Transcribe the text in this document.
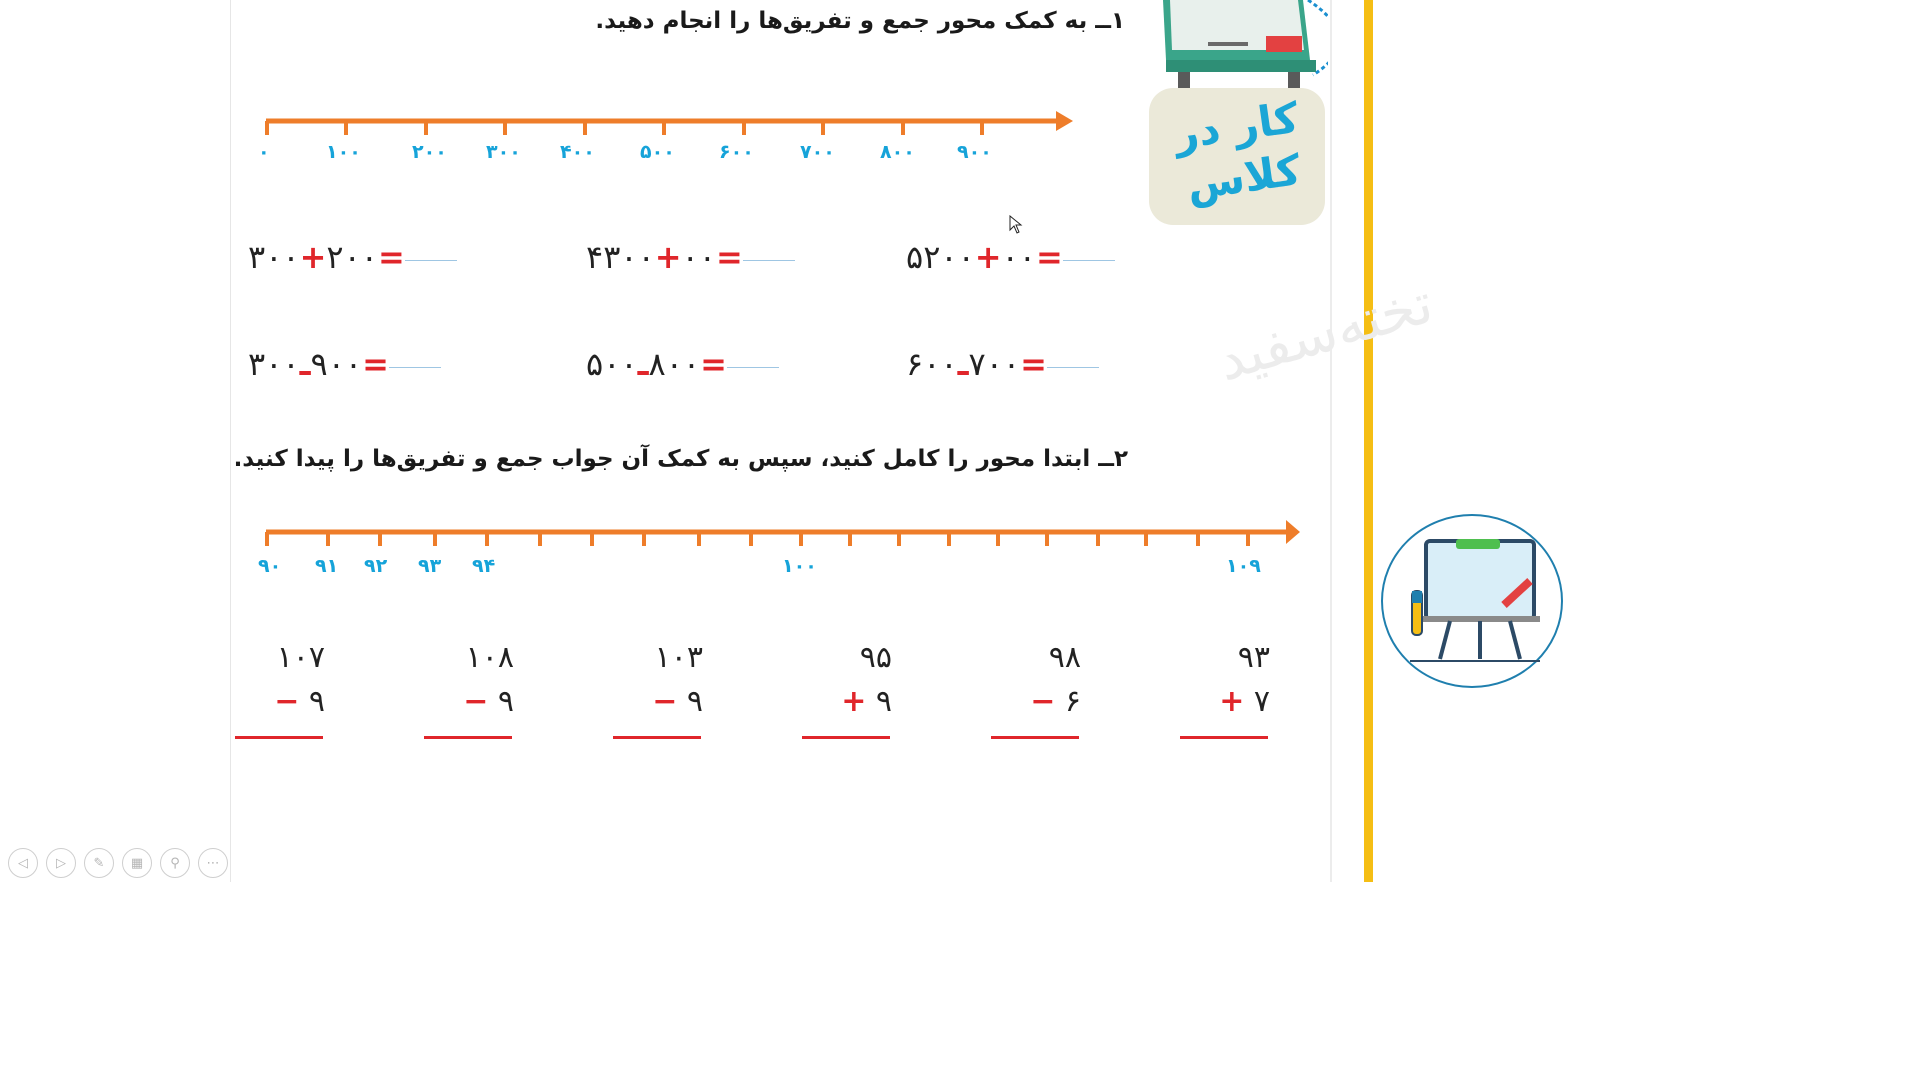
کار در
کلاس
١ــ به کمک محور جمع و تفریق‌ها را انجام دهید.
٠	١٠٠	٢٠٠ ٣٠٠ ۴٠٠ ۵٠٠ ۶٠٠ ٧٠٠ ٨٠٠ ٩٠٠
۵٠٠+٢٠٠ =
۴٠٠+٣٠٠ =
٢٠٠+٣٠٠ =
٧٠٠ـ۶٠٠ =
٨٠٠ـ۵٠٠ =
٩٠٠ـ٣٠٠ =	تخته‌سفید
٢ــ ابتدا محور را کامل کنید، سپس به کمک آن جواب جمع و تفریق‌ها را پیدا کنید.
٩٠ ٩١ ٩٢ ٩٣ ٩۴	١٠٠	١٠٩
٩٣
+ ٧
٩٨
− ۶
٩۵
+ ٩
١٠٣
− ٩
١٠٨
− ٩
١٠٧
− ٩
◁	▷	✎	▦	⚲	⋯
